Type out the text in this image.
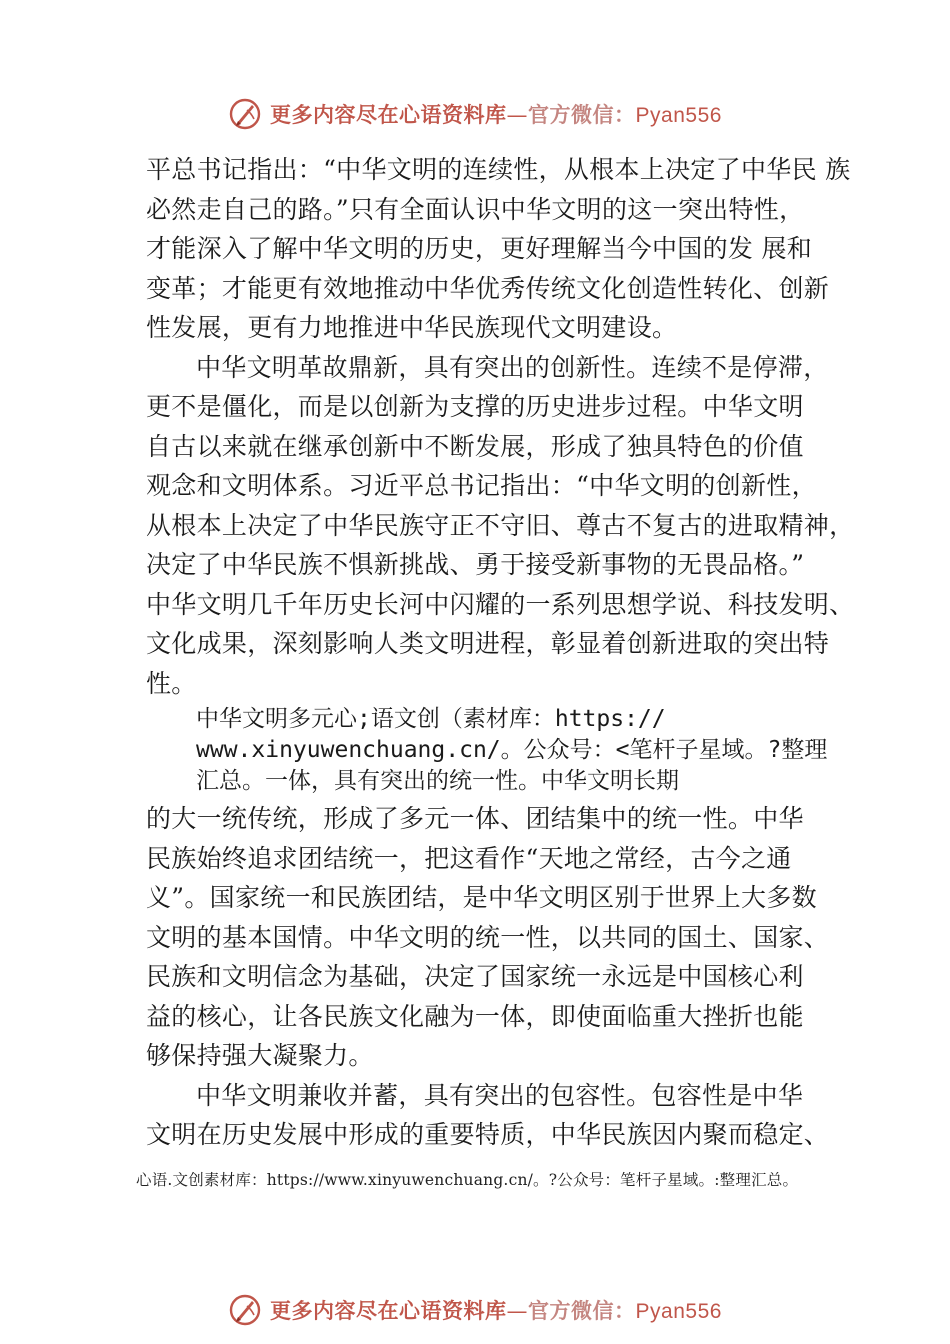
更多内容尽在心语资料库—官方微信：Pyan556
平总书记指出：“中华文明的连续性，从根本上决定了中华民 族
必然走自己的路。”只有全面认识中华文明的这一突出特性，
才能深入了解中华文明的历史，更好理解当今中国的发 展和
变革；才能更有效地推动中华优秀传统文化创造性转化、创新
性发展，更有力地推进中华民族现代文明建设。
中华文明革故鼎新，具有突出的创新性。连续不是停滞，
更不是僵化，而是以创新为支撑的历史进步过程。中华文明
自古以来就在继承创新中不断发展，形成了独具特色的价值
观念和文明体系。习近平总书记指出：“中华文明的创新性，
从根本上决定了中华民族守正不守旧、尊古不复古的进取精神，
决定了中华民族不惧新挑战、勇于接受新事物的无畏品格。”
中华文明几千年历史长河中闪耀的一系列思想学说、科技发明、
文化成果，深刻影响人类文明进程，彰显着创新进取的突出特
性。
中华文明多元心;语文创（素材库：https://
www.xinyuwenchuang.cn/。公众号：<笔杆子星域。?整理
汇总。一体，具有突出的统一性。中华文明长期
的大一统传统，形成了多元一体、团结集中的统一性。中华
民族始终追求团结统一，把这看作“天地之常经，古今之通
义”。国家统一和民族团结，是中华文明区别于世界上大多数
文明的基本国情。中华文明的统一性，以共同的国土、国家、
民族和文明信念为基础，决定了国家统一永远是中国核心利
益的核心，让各民族文化融为一体，即使面临重大挫折也能
够保持强大凝聚力。
中华文明兼收并蓄，具有突出的包容性。包容性是中华
文明在历史发展中形成的重要特质，中华民族因内聚而稳定、
心语.文创素材库：https://www.xinyuwenchuang.cn/。?公众号：笔杆子星域。:整理汇总。
更多内容尽在心语资料库—官方微信：Pyan556
